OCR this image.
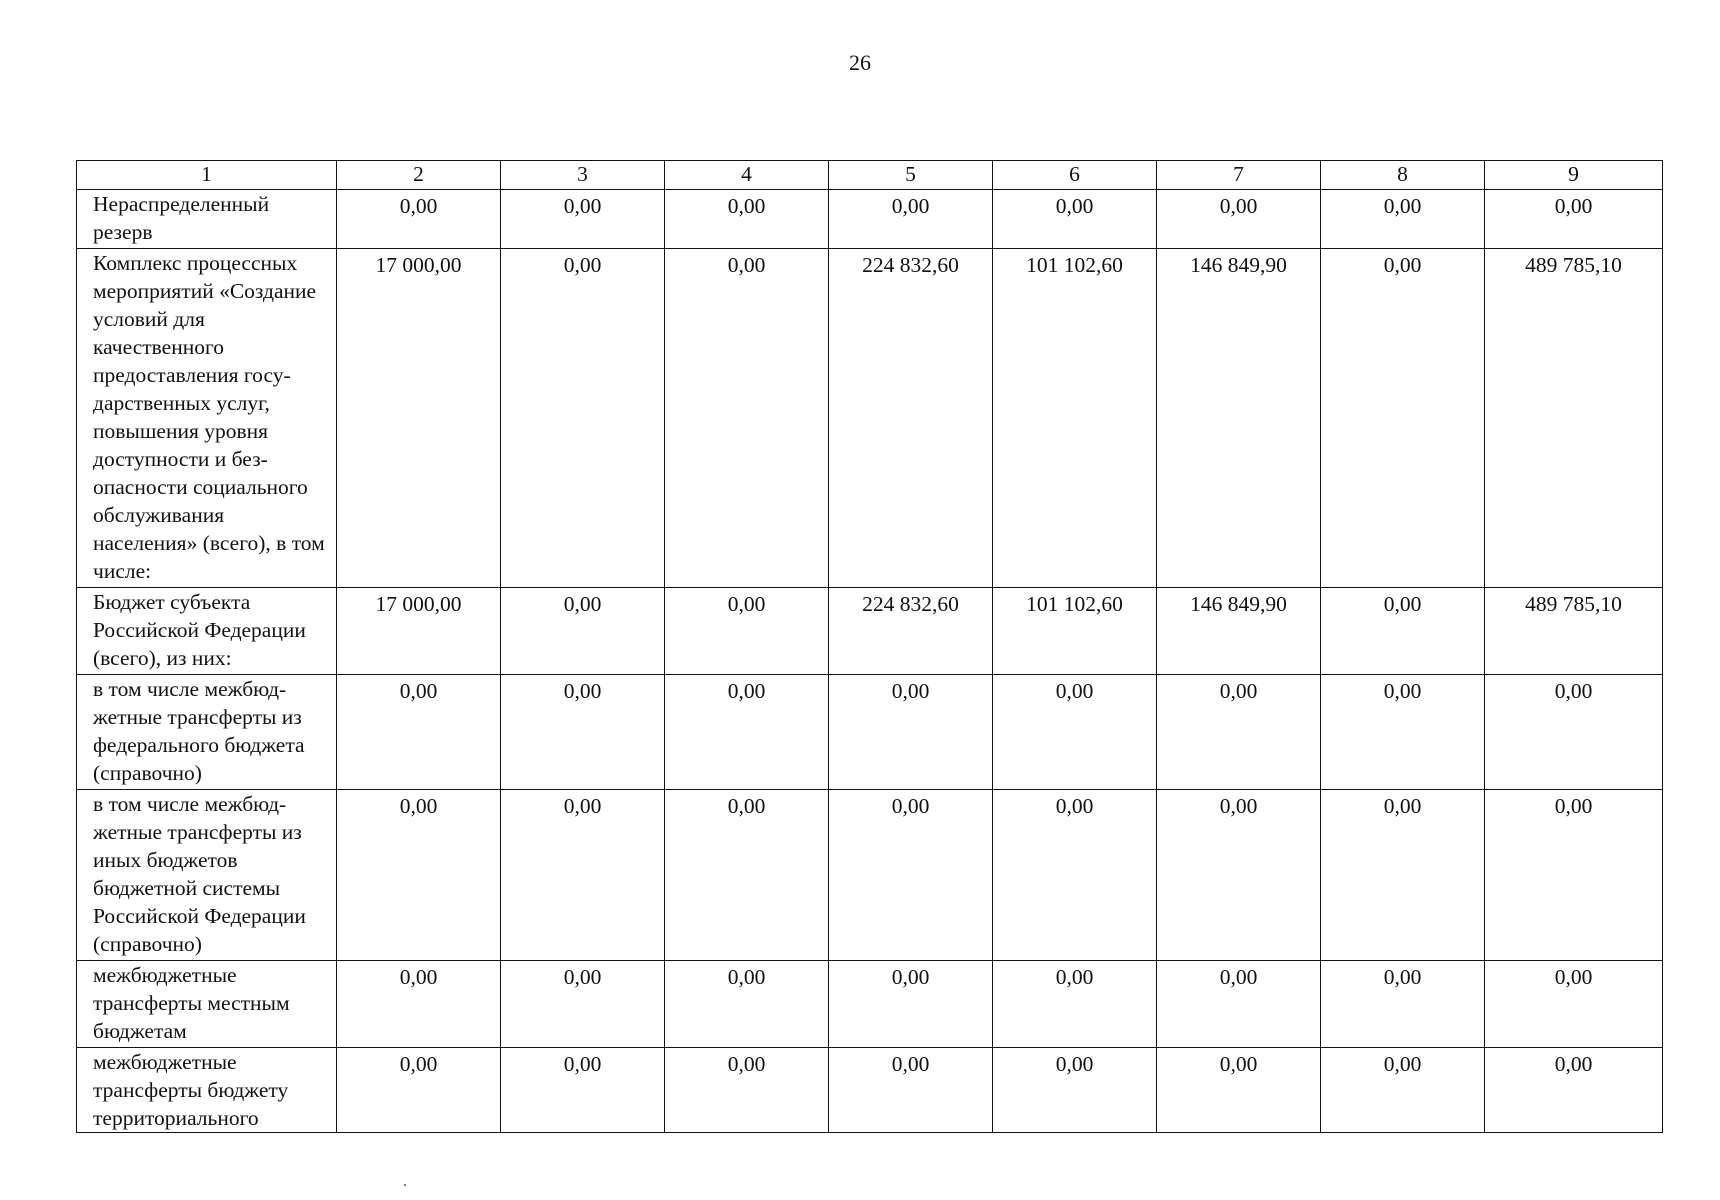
26
1	2	3	4	5	6	7	8	9
Нераспределенный резерв	0,00	0,00	0,00	0,00	0,00	0,00	0,00	0,00
Комплекс процессных мероприятий «Создание условий для качественного предоставления государственных услуг, повышения уровня доступности и безопасности социального обслуживания населения» (всего), в том числе:	17 000,00	0,00	0,00	224 832,60	101 102,60	146 849,90	0,00	489 785,10
Бюджет субъекта Российской Федерации (всего), из них:	17 000,00	0,00	0,00	224 832,60	101 102,60	146 849,90	0,00	489 785,10
в том числе межбюджетные трансферты из федерального бюджета (справочно)	0,00	0,00	0,00	0,00	0,00	0,00	0,00	0,00
в том числе межбюджетные трансферты из иных бюджетов бюджетной системы Российской Федерации (справочно)	0,00	0,00	0,00	0,00	0,00	0,00	0,00	0,00
межбюджетные трансферты местным бюджетам	0,00	0,00	0,00	0,00	0,00	0,00	0,00	0,00
межбюджетные трансферты бюджету территориального	0,00	0,00	0,00	0,00	0,00	0,00	0,00	0,00
